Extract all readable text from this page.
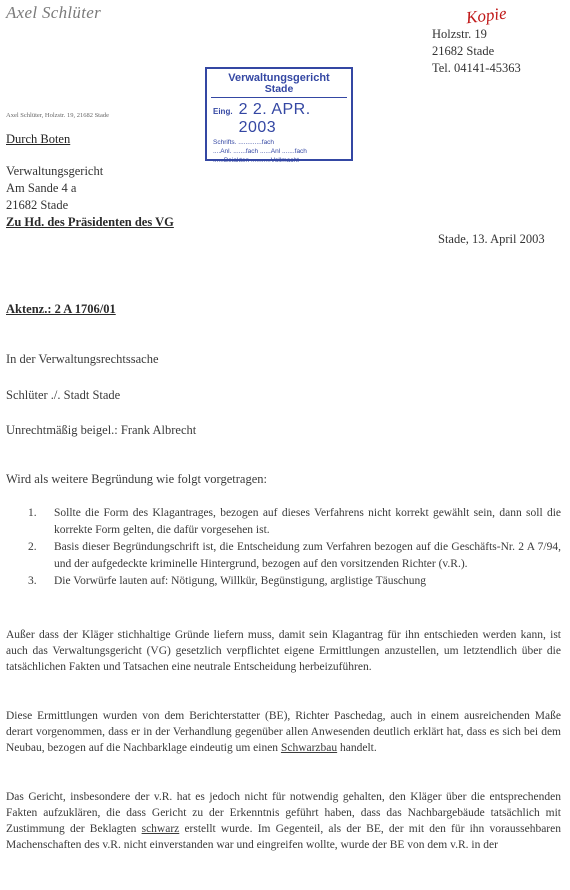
Axel Schlüter	Kopie
Holzstr. 19
21682 Stade
Tel. 04141-45363
Verwaltungsgericht
Stade
Eing. 2 2. APR. 2003
Schrifts. .............fach
....Anl. .......fach ......Anl .......fach
......Beiakten ...........Vollmacht
Axel Schlüter, Holzstr. 19, 21682 Stade
Durch Boten
Verwaltungsgericht
Am Sande 4 a
21682 Stade
Zu Hd. des Präsidenten des VG
Stade, 13. April 2003
Aktenz.: 2 A 1706/01
In der Verwaltungsrechtssache
Schlüter ./. Stadt Stade
Unrechtmäßig beigel.: Frank Albrecht
Wird als weitere Begründung wie folgt vorgetragen:
1.	Sollte die Form des Klagantrages, bezogen auf dieses Verfahrens nicht korrekt gewählt sein, dann soll die korrekte Form gelten, die dafür vorgesehen ist.
2.	Basis dieser Begründungschrift ist, die Entscheidung zum Verfahren bezogen auf die Geschäfts-Nr. 2 A 7/94, und der aufgedeckte kriminelle Hintergrund, bezogen auf den vorsitzenden Richter (v.R.).
3.	Die Vorwürfe lauten auf: Nötigung, Willkür, Begünstigung, arglistige Täuschung
Außer dass der Kläger stichhaltige Gründe liefern muss, damit sein Klagantrag für ihn entschieden werden kann, ist auch das Verwaltungsgericht (VG) gesetzlich verpflichtet eigene Ermittlungen anzustellen, um letztendlich über die tatsächlichen Fakten und Tatsachen eine neutrale Entscheidung herbeizuführen.
Diese Ermittlungen wurden von dem Berichterstatter (BE), Richter Paschedag, auch in einem ausreichenden Maße derart vorgenommen, dass er in der Verhandlung gegenüber allen Anwesenden deutlich erklärt hat, dass es sich bei dem Neubau, bezogen auf die Nachbarklage eindeutig um einen Schwarzbau handelt.
Das Gericht, insbesondere der v.R. hat es jedoch nicht für notwendig gehalten, den Kläger über die entsprechenden Fakten aufzuklären, die dass Gericht zu der Erkenntnis geführt haben, dass das Nachbargebäude tatsächlich mit Zustimmung der Beklagten schwarz erstellt wurde. Im Gegenteil, als der BE, der mit den für ihn voraussehbaren Machenschaften des v.R. nicht einverstanden war und eingreifen wollte, wurde der BE von dem v.R. in der
